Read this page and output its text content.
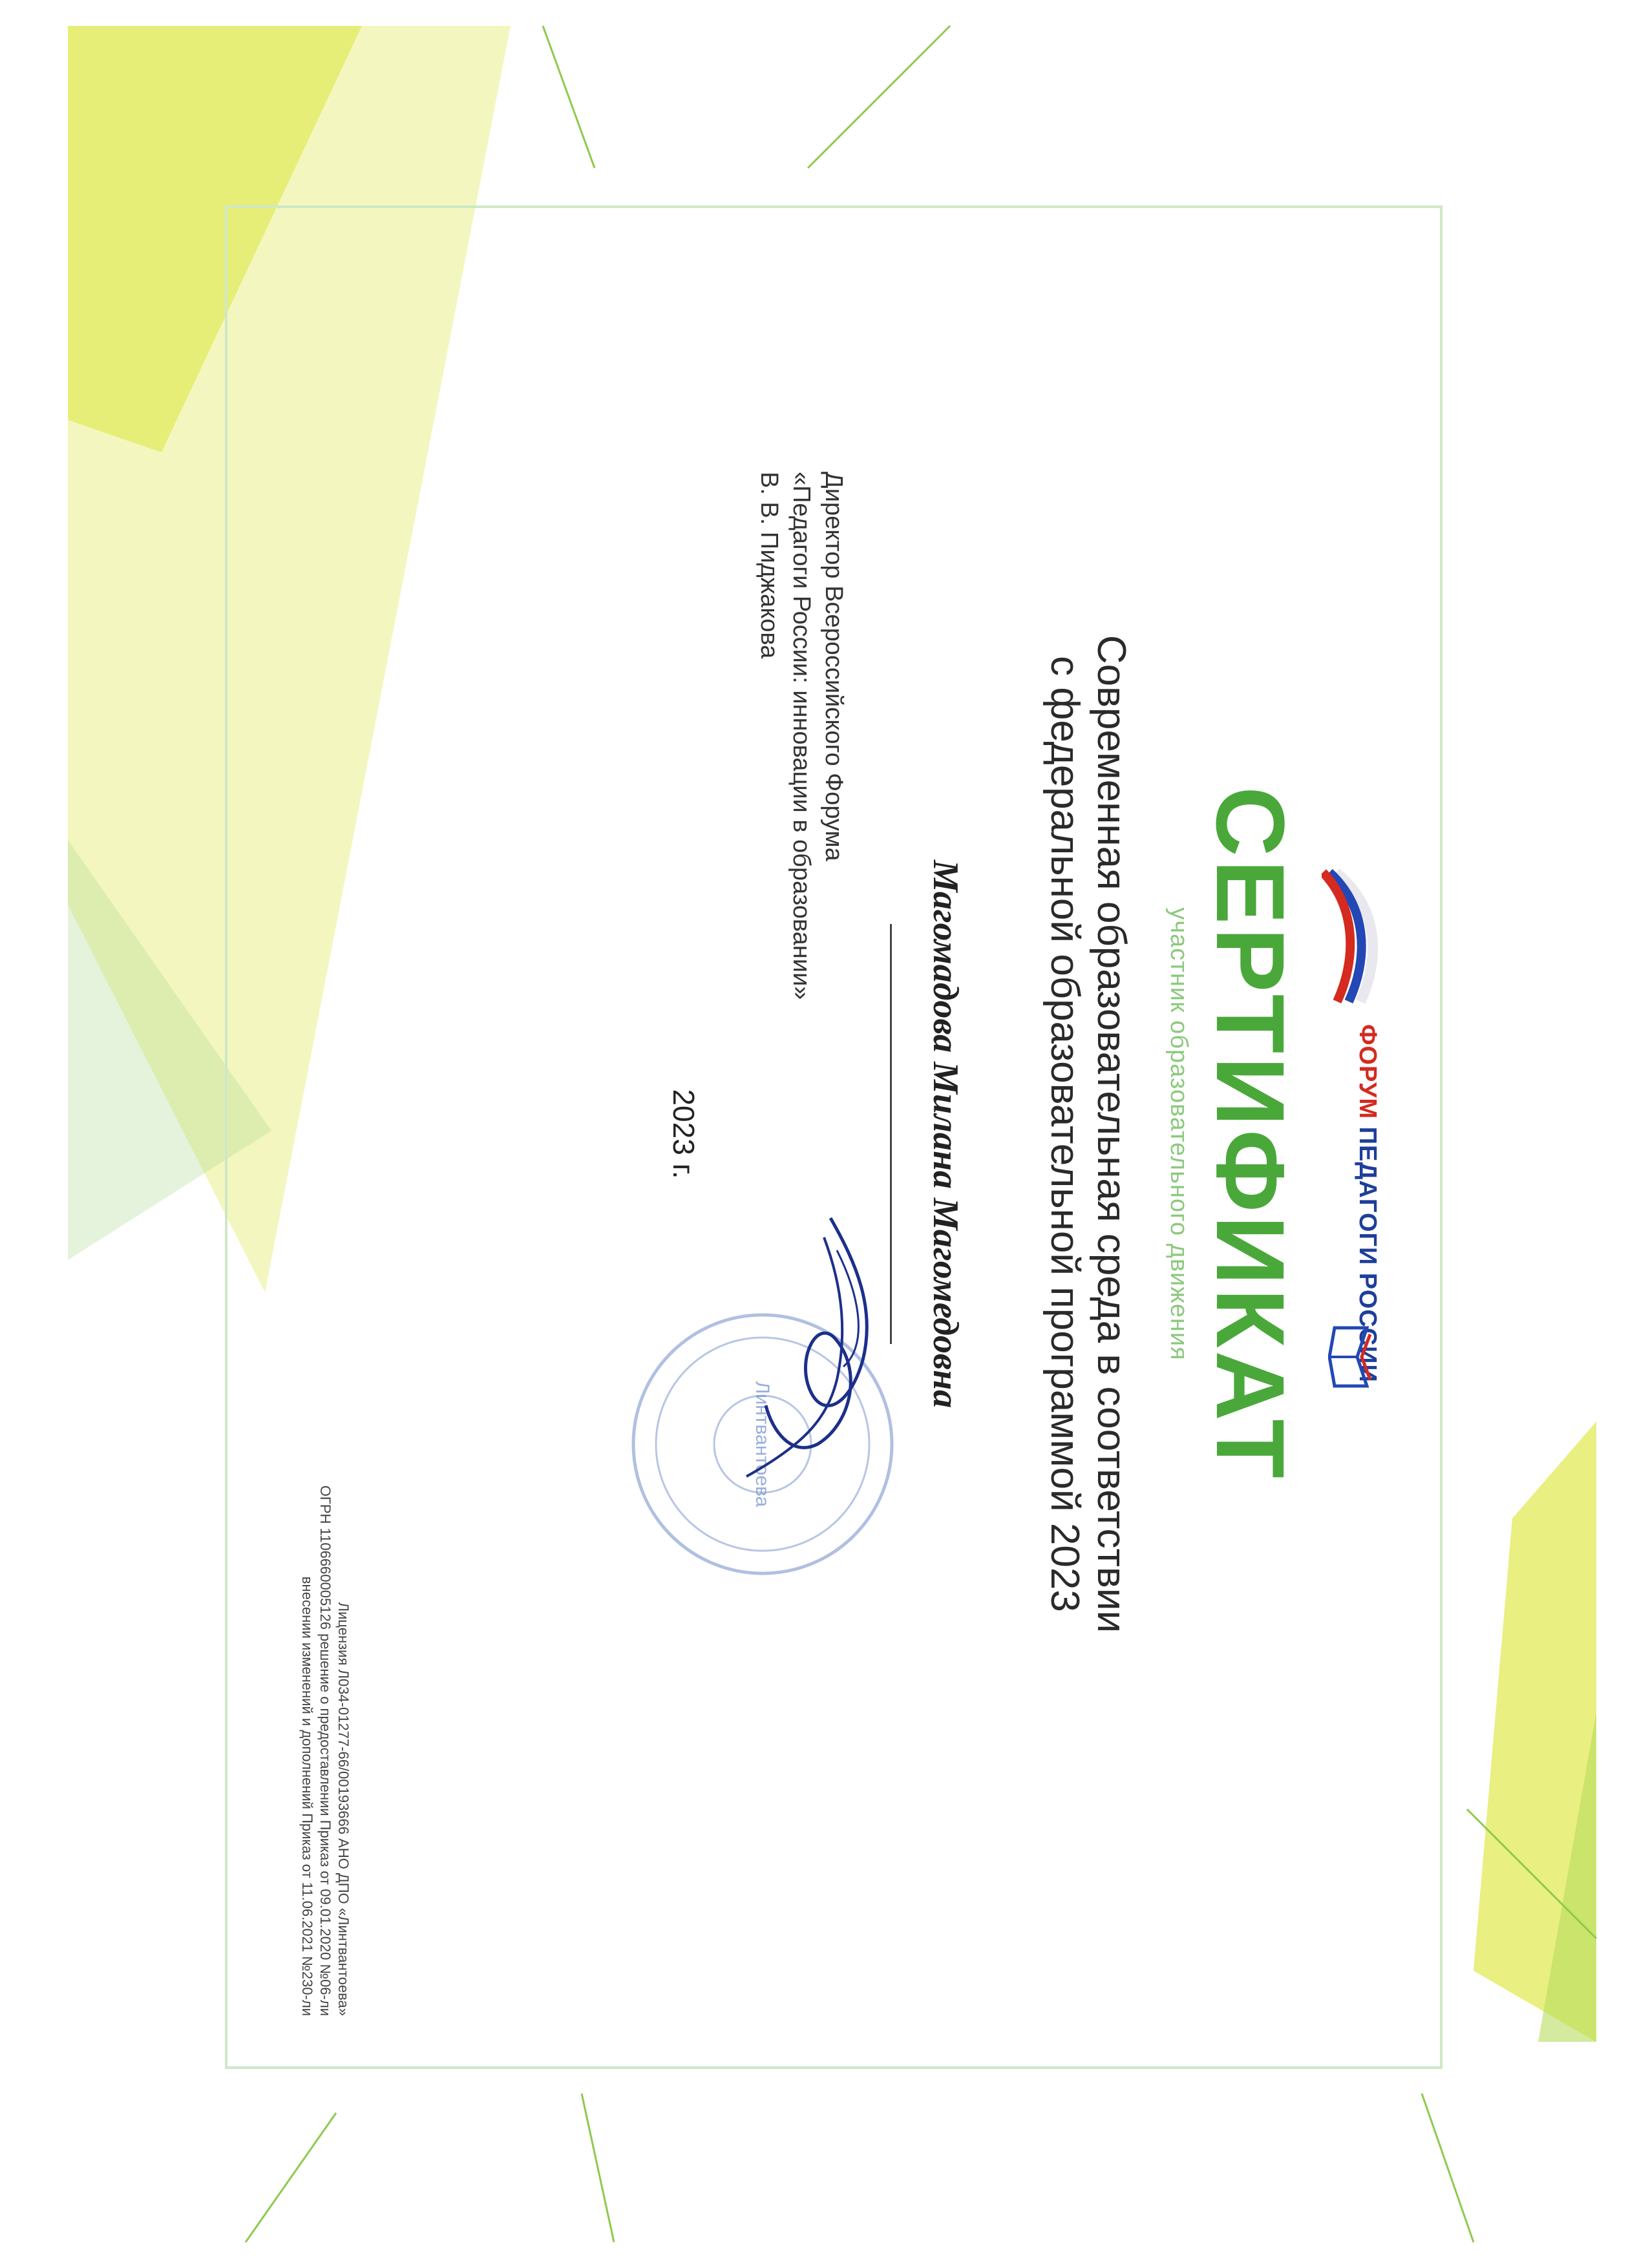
ФОРУМ ПЕДАГОГИ РОССИИ
СЕРТИФИКАТ
участник образовательного движения
Современная образовательная среда в соответствии
с федеральной образовательной программой 2023
Магомадова Милана Магомедовна
Директор Всероссийского Форума
«Педагоги России: инновации в образовании»
В. В. Пиджакова
Линтвантоева
2023 г.
Лицензия Л034-01277-66/00193666 АНО ДПО «Линтвантоева»
ОГРН 1106660005126 решение о предоставлении Приказ от 09.01.2020 №06-ли
внесении изменений и дополнений Приказ от 11.06.2021 №230-ли
